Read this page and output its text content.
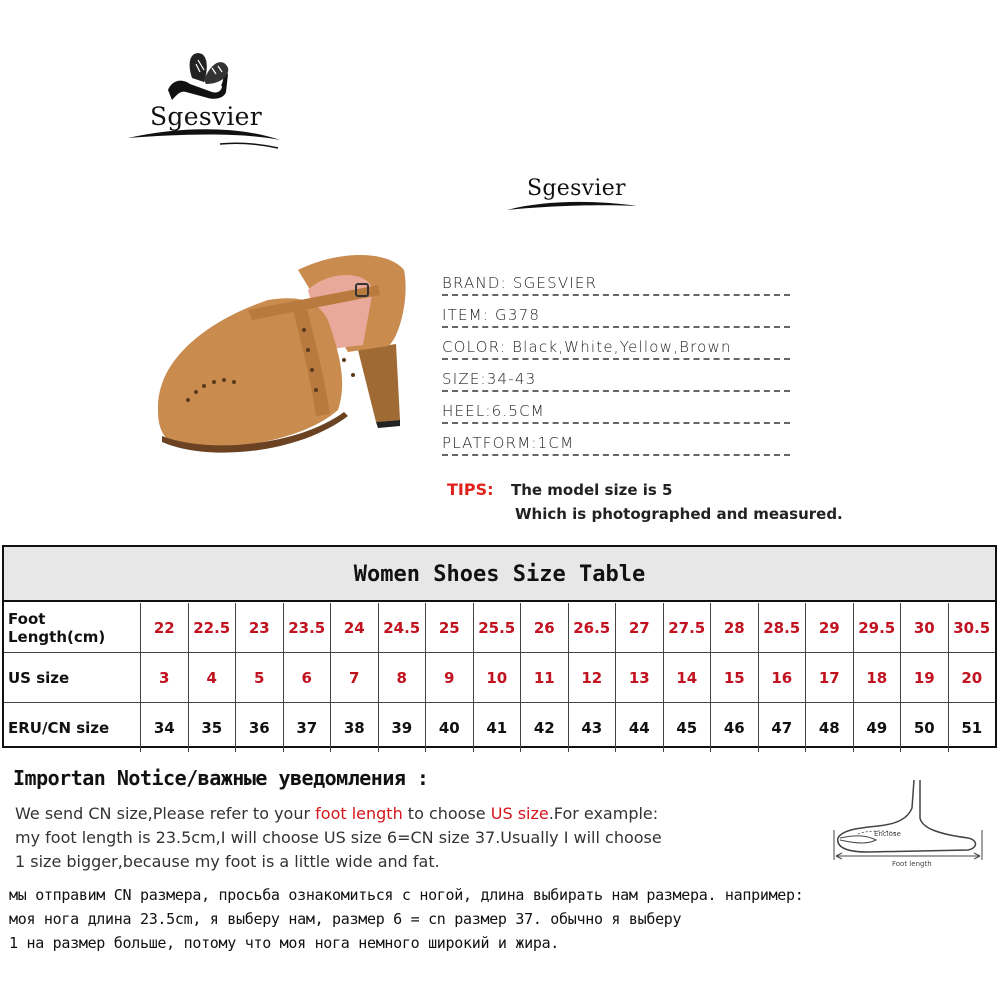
Sgesvier
Sgesvier
BRAND: SGESVIER
ITEM: G378
COLOR: Black,White,Yellow,Brown
SIZE:34-43
HEEL:6.5CM
PLATFORM:1CM
TIPS: The model size is 5
Which is photographed and measured.
Women Shoes Size Table
Foot Length(cm)	22	22.5	23	23.5	24	24.5	25	25.5	26	26.5	27	27.5	28	28.5	29	29.5	30	30.5
US size	3	4	5	6	7	8	9	10	11	12	13	14	15	16	17	18	19	20
ERU/CN size	34	35	36	37	38	39	40	41	42	43	44	45	46	47	48	49	50	51
Importan Notice/важные уведомления :
We send CN size,Please refer to your foot length to choose US size.For example:
my foot length is 23.5cm,I will choose US size 6=CN size 37.Usually I will choose
1 size bigger,because my foot is a little wide and fat.
мы отправим CN размера, просьба ознакомиться с ногой, длина выбирать нам размера. например:
моя нога длина 23.5cm, я выберу нам, размер 6 = cn размер 37. обычно я выберу
1 на размер больше, потому что моя нога немного широкий и жира.
Enclose
Foot length
